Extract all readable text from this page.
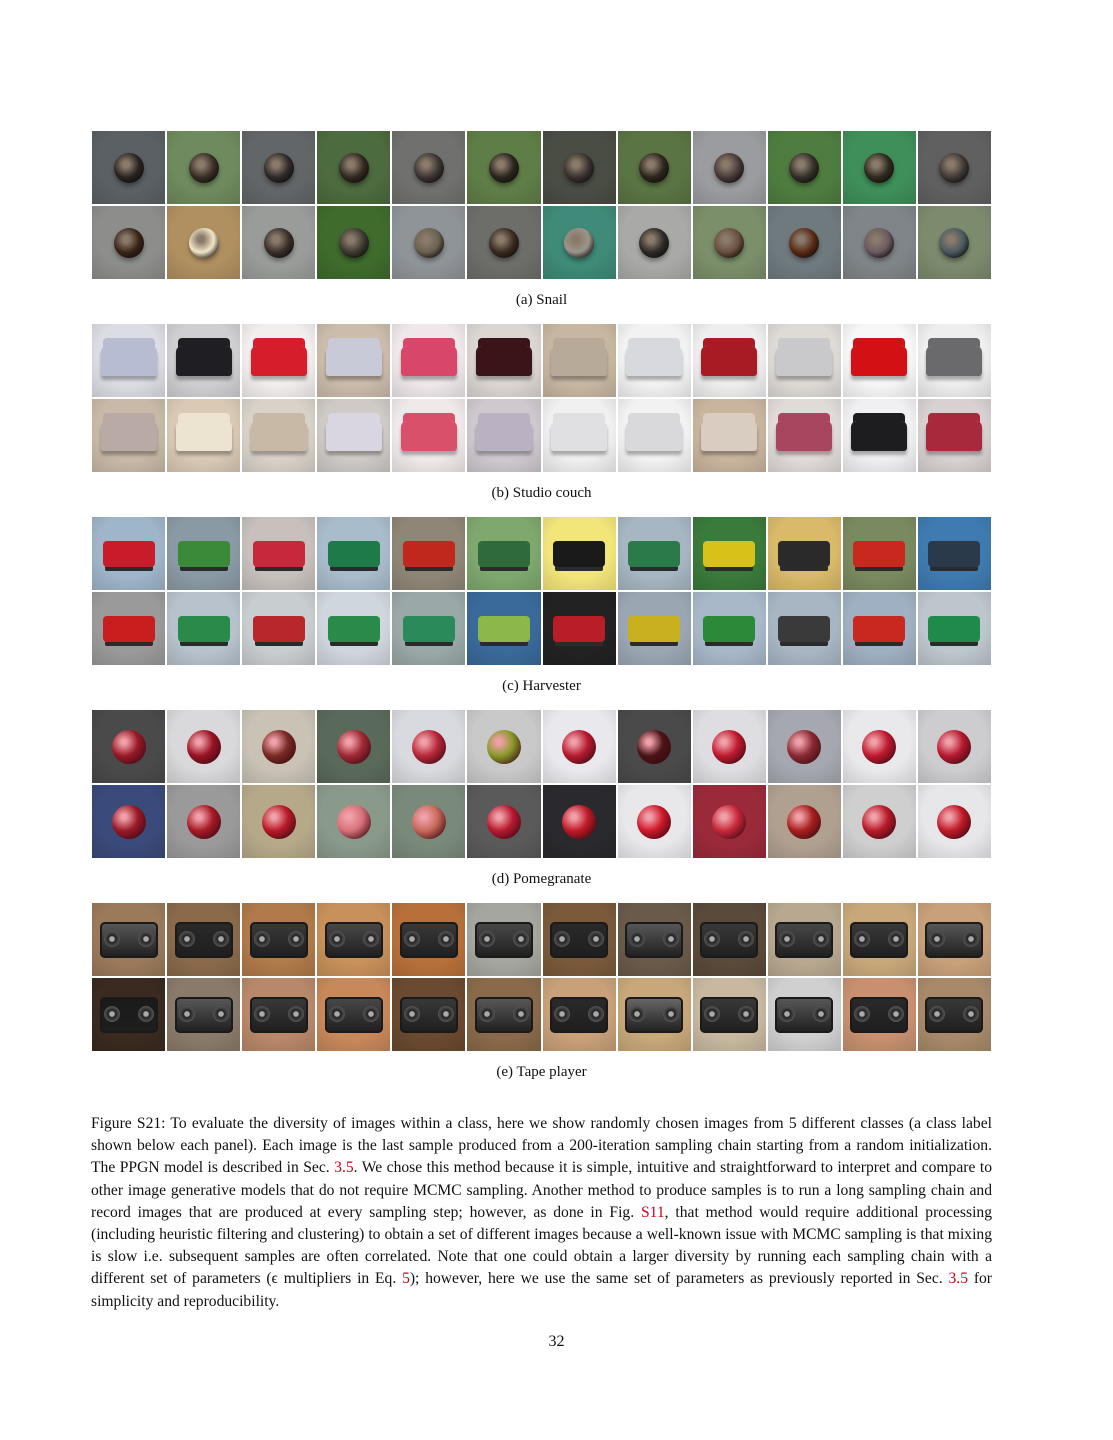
(a) Snail
(b) Studio couch
(c) Harvester
(d) Pomegranate
(e) Tape player
Figure S21: To evaluate the diversity of images within a class, here we show randomly chosen images from 5 different classes (a class label shown below each panel). Each image is the last sample produced from a 200-iteration sampling chain starting from a random initialization. The PPGN model is described in Sec. 3.5. We chose this method because it is simple, intuitive and straightforward to interpret and compare to other image generative models that do not require MCMC sampling. Another method to produce samples is to run a long sampling chain and record images that are produced at every sampling step; however, as done in Fig. S11, that method would require additional processing (including heuristic filtering and clustering) to obtain a set of different images because a well-known issue with MCMC sampling is that mixing is slow i.e. subsequent samples are often correlated. Note that one could obtain a larger diversity by running each sampling chain with a different set of parameters (ϵ multipliers in Eq. 5); however, here we use the same set of parameters as previously reported in Sec. 3.5 for simplicity and reproducibility.
32
